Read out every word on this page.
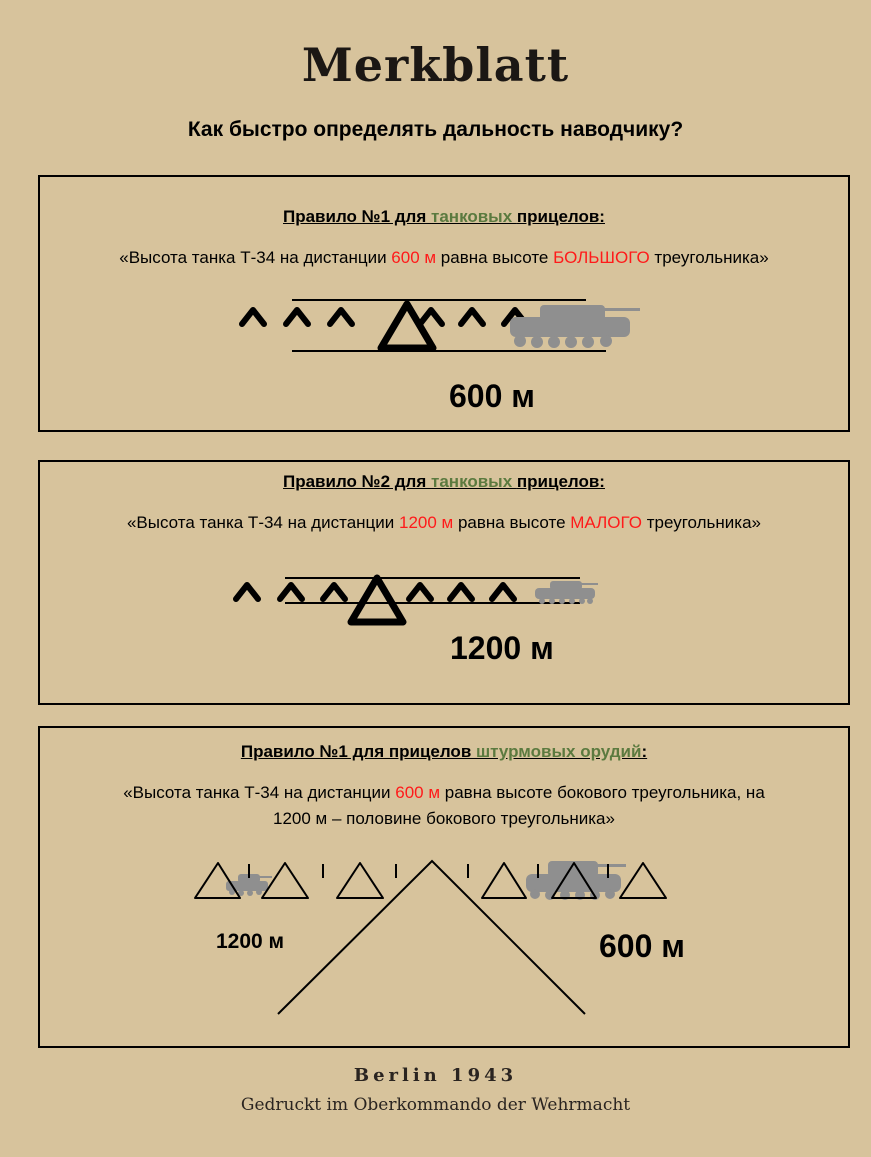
Merkblatt
Как быстро определять дальность наводчику?
Правило №1 для танковых прицелов:
«Высота танка Т-34 на дистанции 600 м равна высоте БОЛЬШОГО треугольника»
600 м
Правило №2 для танковых прицелов:
«Высота танка Т-34 на дистанции 1200 м равна высоте МАЛОГО треугольника»
1200 м
Правило №1 для прицелов штурмовых орудий:
«Высота танка Т-34 на дистанции 600 м равна высоте бокового треугольника, на
1200 м – половине бокового треугольника»
1200 м	600 м
Berlin 1943
Gedruckt im Oberkommando der Wehrmacht
